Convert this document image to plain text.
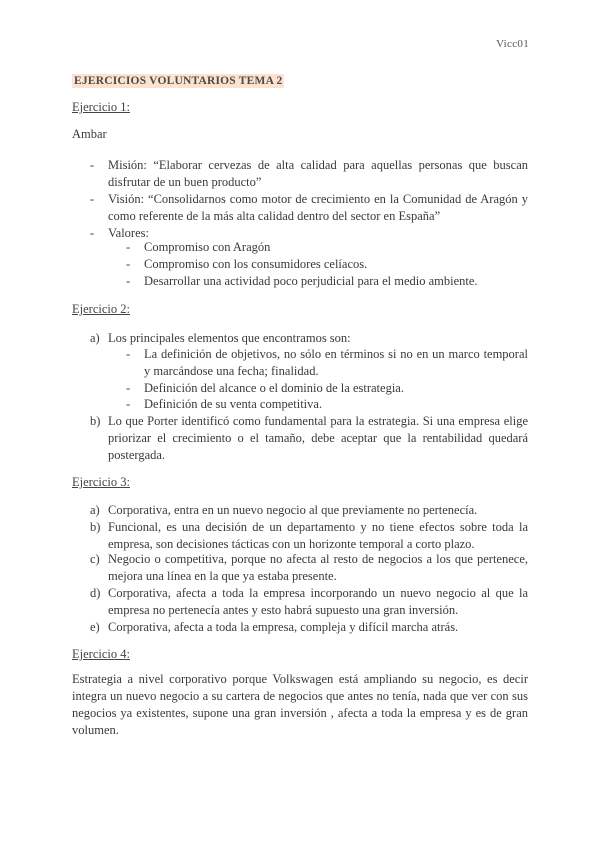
Vicc01
EJERCICIOS VOLUNTARIOS TEMA 2
Ejercicio 1:
Ambar
- Misión: “Elaborar cervezas de alta calidad para aquellas personas que buscan disfrutar de un buen producto”
- Visión: “Consolidarnos como motor de crecimiento en la Comunidad de Aragón y como referente de la más alta calidad dentro del sector en España”
- Valores:
- Compromiso con Aragón
- Compromiso con los consumidores celíacos.
- Desarrollar una actividad poco perjudicial para el medio ambiente.
Ejercicio 2:
a) Los principales elementos que encontramos son:
- La definición de objetivos, no sólo en términos si no en un marco temporal y marcándose una fecha; finalidad.
- Definición del alcance o el dominio de la estrategia.
- Definición de su venta competitiva.
b) Lo que Porter identificó como fundamental para la estrategia. Si una empresa elige priorizar el crecimiento o el tamaño, debe aceptar que la rentabilidad quedará postergada.
Ejercicio 3:
a) Corporativa, entra en un nuevo negocio al que previamente no pertenecía.
b) Funcional, es una decisión de un departamento y no tiene efectos sobre toda la empresa, son decisiones tácticas con un horizonte temporal a corto plazo.
c) Negocio o competitiva, porque no afecta al resto de negocios a los que pertenece, mejora una línea en la que ya estaba presente.
d) Corporativa, afecta a toda la empresa incorporando un nuevo negocio al que la empresa no pertenecía antes y esto habrá supuesto una gran inversión.
e) Corporativa, afecta a toda la empresa, compleja y difícil marcha atrás.
Ejercicio 4:
Estrategia a nivel corporativo porque Volkswagen está ampliando su negocio, es decir integra un nuevo negocio a su cartera de negocios que antes no tenía, nada que ver con sus negocios ya existentes, supone una gran inversión , afecta a toda la empresa y es de gran volumen.
